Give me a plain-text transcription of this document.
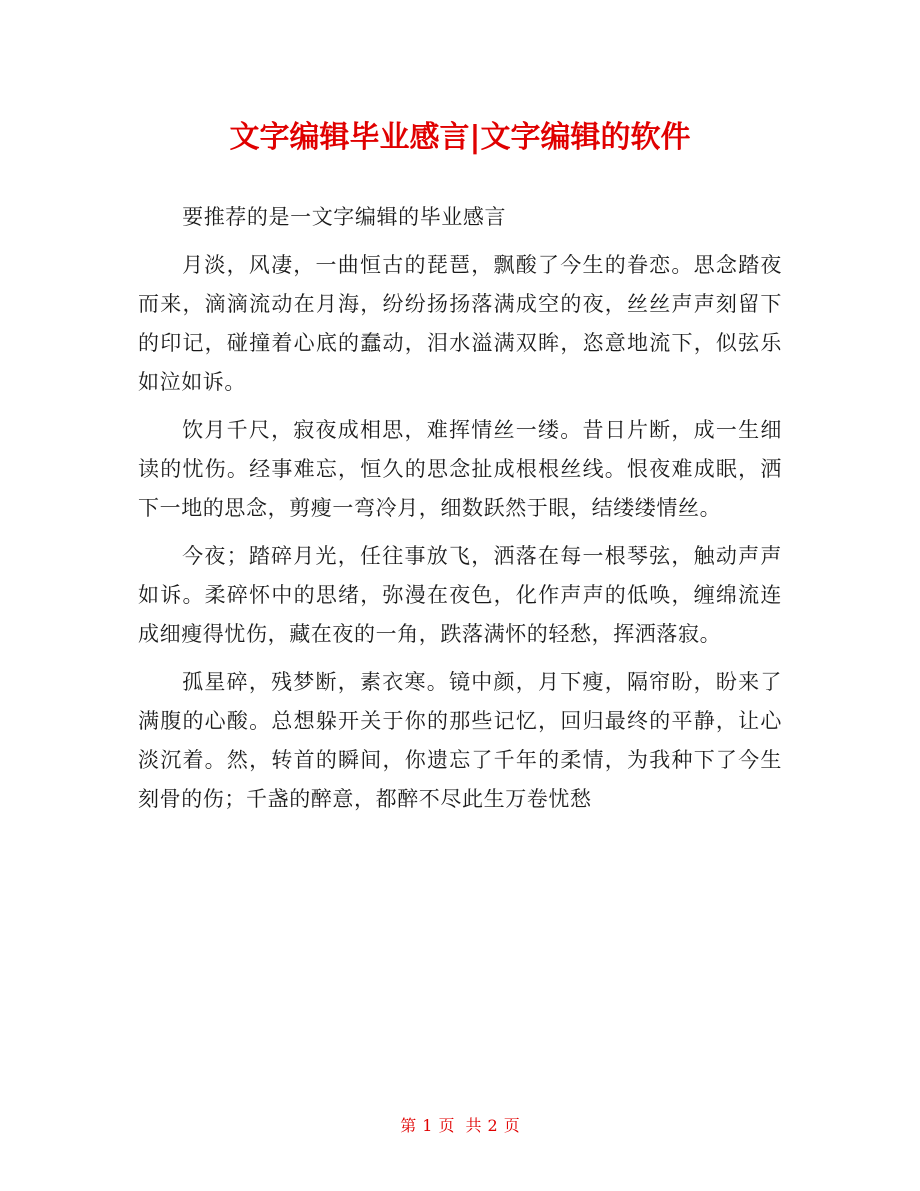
文字编辑毕业感言|文字编辑的软件

要推荐的是一文字编辑的毕业感言

月淡，风凄，一曲恒古的琵琶，飘酸了今生的眷恋。思念踏夜而来，滴滴流动在月海，纷纷扬扬落满成空的夜，丝丝声声刻留下的印记，碰撞着心底的蠢动，泪水溢满双眸，恣意地流下，似弦乐如泣如诉。

饮月千尺，寂夜成相思，难挥情丝一缕。昔日片断，成一生细读的忧伤。经事难忘，恒久的思念扯成根根丝线。恨夜难成眠，洒下一地的思念，剪瘦一弯冷月，细数跃然于眼，结缕缕情丝。

今夜；踏碎月光，任往事放飞，洒落在每一根琴弦，触动声声如诉。柔碎怀中的思绪，弥漫在夜色，化作声声的低唤，缠绵流连成细瘦得忧伤，藏在夜的一角，跌落满怀的轻愁，挥洒落寂。

孤星碎，残梦断，素衣寒。镜中颜，月下瘦，隔帘盼，盼来了满腹的心酸。总想躲开关于你的那些记忆，回归最终的平静，让心淡沉着。然，转首的瞬间，你遗忘了千年的柔情，为我种下了今生刻骨的伤；千盏的醉意，都醉不尽此生万卷忧愁

第 1 页 共 2 页
